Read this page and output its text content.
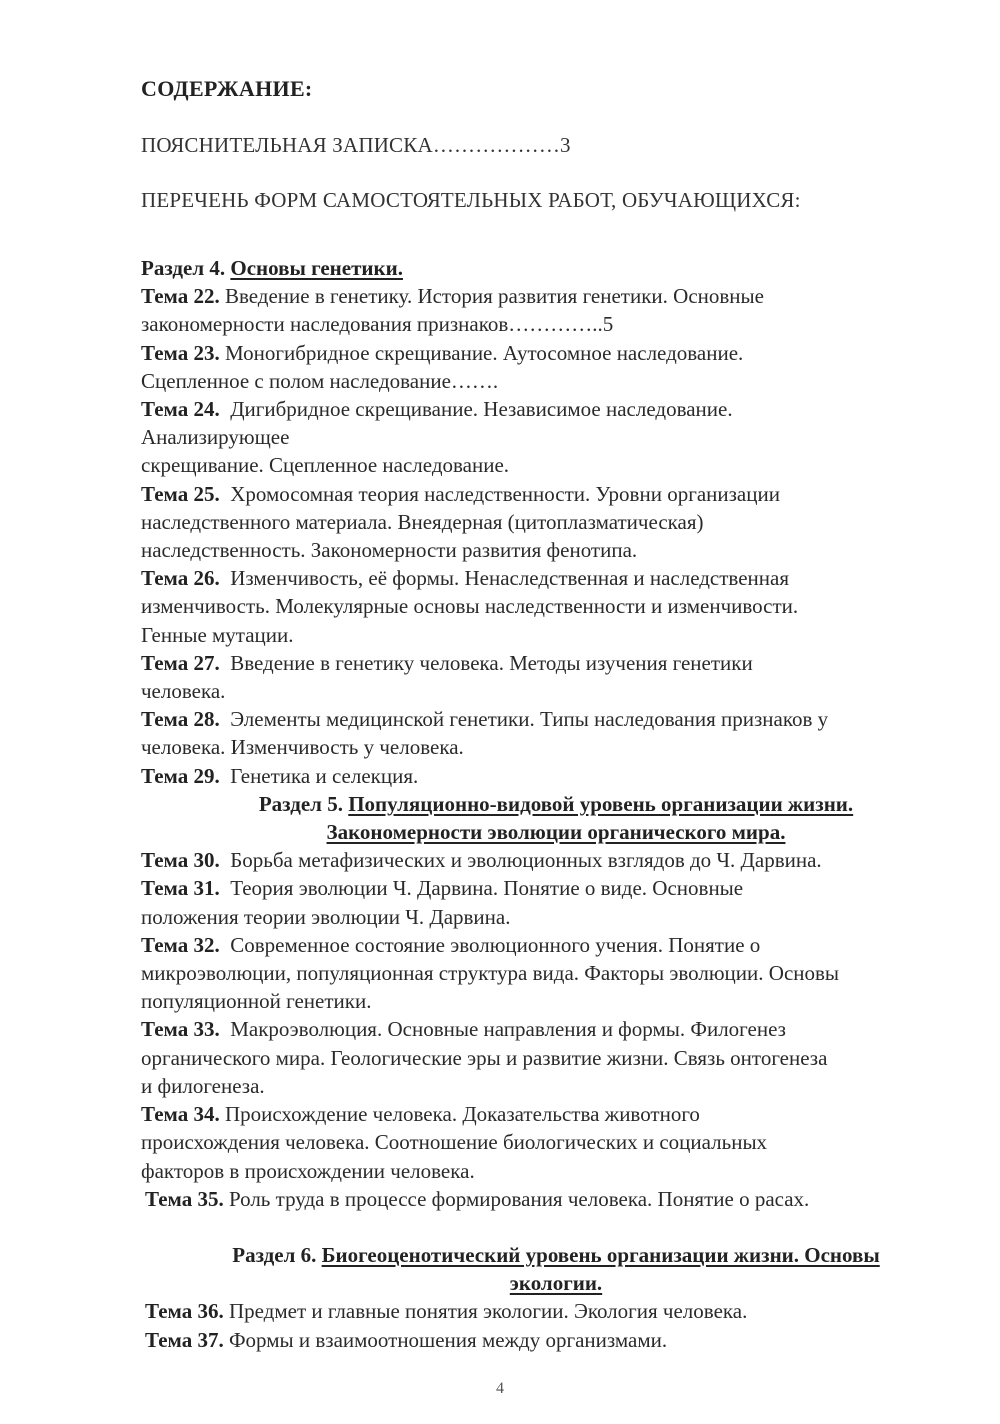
СОДЕРЖАНИЕ:
ПОЯСНИТЕЛЬНАЯ ЗАПИСКА………………3
ПЕРЕЧЕНЬ ФОРМ САМОСТОЯТЕЛЬНЫХ РАБОТ, ОБУЧАЮЩИХСЯ:
Раздел 4. Основы генетики.
Тема 22. Введение в генетику. История развития генетики. Основные
закономерности наследования признаков…………..5
Тема 23. Моногибридное скрещивание. Аутосомное наследование.
Сцепленное с полом наследование…….
Тема 24. Дигибридное скрещивание. Независимое наследование.
Анализирующее
скрещивание. Сцепленное наследование.
Тема 25. Хромосомная теория наследственности. Уровни организации
наследственного материала. Внеядерная (цитоплазматическая)
наследственность. Закономерности развития фенотипа.
Тема 26. Изменчивость, её формы. Ненаследственная и наследственная
изменчивость. Молекулярные основы наследственности и изменчивости.
Генные мутации.
Тема 27. Введение в генетику человека. Методы изучения генетики
человека.
Тема 28. Элементы медицинской генетики. Типы наследования признаков у
человека. Изменчивость у человека.
Тема 29. Генетика и селекция.
Раздел 5. Популяционно-видовой уровень организации жизни.
Закономерности эволюции органического мира.
Тема 30. Борьба метафизических и эволюционных взглядов до Ч. Дарвина.
Тема 31. Теория эволюции Ч. Дарвина. Понятие о виде. Основные
положения теории эволюции Ч. Дарвина.
Тема 32. Современное состояние эволюционного учения. Понятие о
микроэволюции, популяционная структура вида. Факторы эволюции. Основы
популяционной генетики.
Тема 33. Макроэволюция. Основные направления и формы. Филогенез
органического мира. Геологические эры и развитие жизни. Связь онтогенеза
и филогенеза.
Тема 34. Происхождение человека. Доказательства животного
происхождения человека. Соотношение биологических и социальных
факторов в происхождении человека.
Тема 35. Роль труда в процессе формирования человека. Понятие о расах.
Раздел 6. Биогеоценотический уровень организации жизни. Основы
экологии.
Тема 36. Предмет и главные понятия экологии. Экология человека.
Тема 37. Формы и взаимоотношения между организмами.
4
